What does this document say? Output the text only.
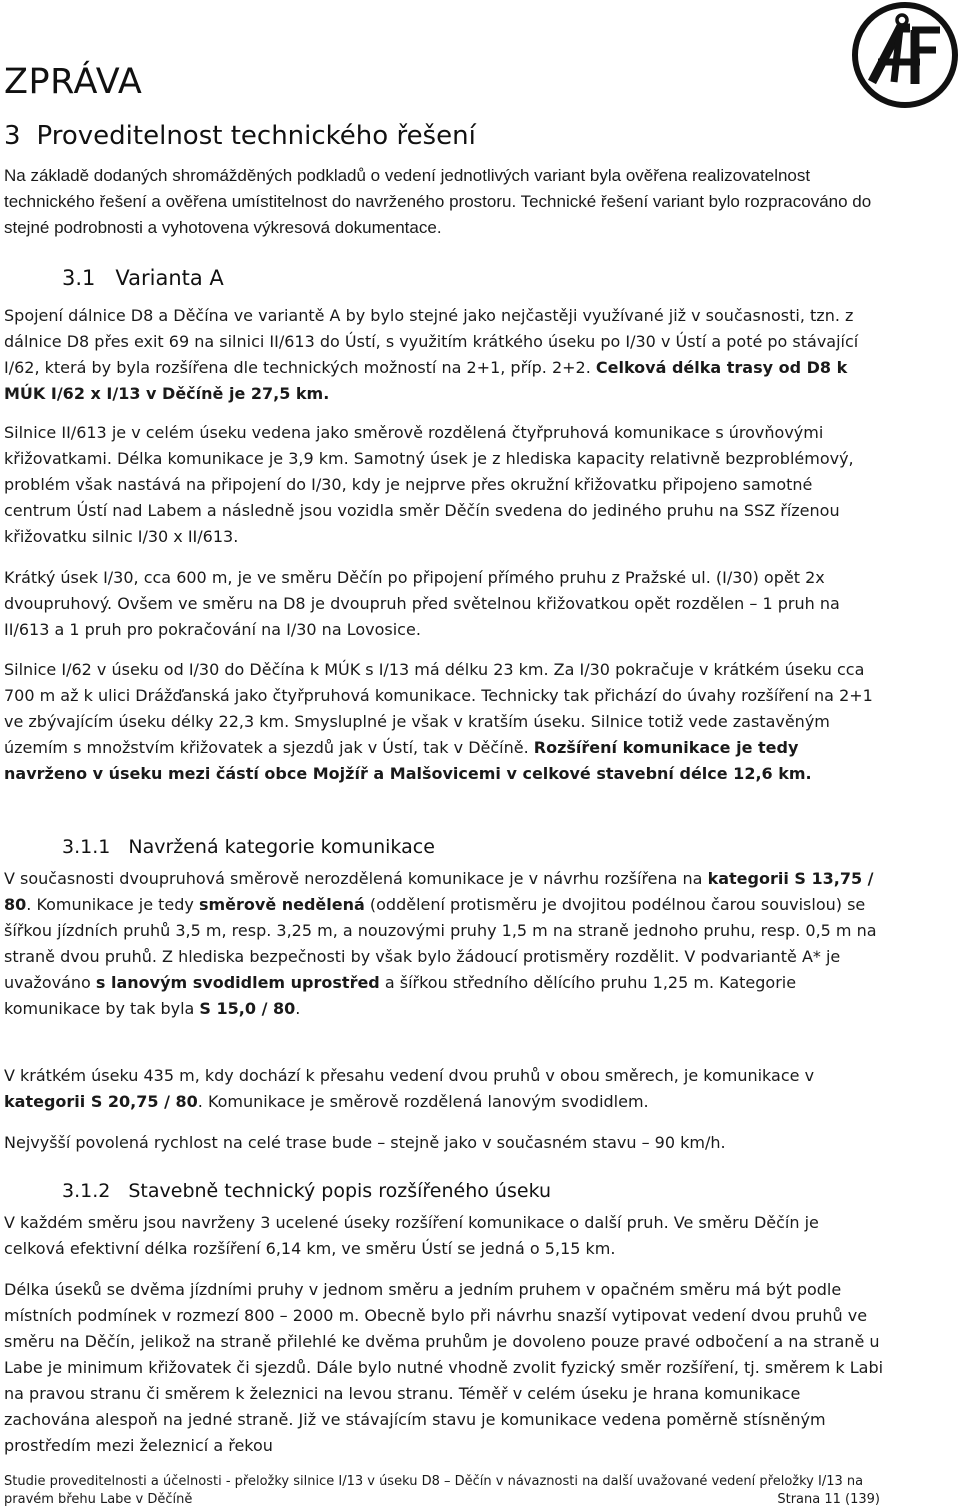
ZPRÁVA
3 Proveditelnost technického řešení
Na základě dodaných shromážděných podkladů o vedení jednotlivých variant byla ověřena realizovatelnost technického řešení a ověřena umístitelnost do navrženého prostoru. Technické řešení variant bylo rozpracováno do stejné podrobnosti a vyhotovena výkresová dokumentace.
3.1 Varianta A
Spojení dálnice D8 a Děčína ve variantě A by bylo stejné jako nejčastěji využívané již v současnosti, tzn. z dálnice D8 přes exit 69 na silnici II/613 do Ústí, s využitím krátkého úseku po I/30 v Ústí a poté po stávající I/62, která by byla rozšířena dle technických možností na 2+1, příp. 2+2. Celková délka trasy od D8 k MÚK I/62 x I/13 v Děčíně je 27,5 km.
Silnice II/613 je v celém úseku vedena jako směrově rozdělená čtyřpruhová komunikace s úrovňovými křižovatkami. Délka komunikace je 3,9 km. Samotný úsek je z hlediska kapacity relativně bezproblémový, problém však nastává na připojení do I/30, kdy je nejprve přes okružní křižovatku připojeno samotné centrum Ústí nad Labem a následně jsou vozidla směr Děčín svedena do jediného pruhu na SSZ řízenou křižovatku silnic I/30 x II/613.
Krátký úsek I/30, cca 600 m, je ve směru Děčín po připojení přímého pruhu z Pražské ul. (I/30) opět 2x dvoupruhový. Ovšem ve směru na D8 je dvoupruh před světelnou křižovatkou opět rozdělen – 1 pruh na II/613 a 1 pruh pro pokračování na I/30 na Lovosice.
Silnice I/62 v úseku od I/30 do Děčína k MÚK s I/13 má délku 23 km. Za I/30 pokračuje v krátkém úseku cca 700 m až k ulici Drážďanská jako čtyřpruhová komunikace. Technicky tak přichází do úvahy rozšíření na 2+1 ve zbývajícím úseku délky 22,3 km. Smysluplné je však v kratším úseku. Silnice totiž vede zastavěným územím s množstvím křižovatek a sjezdů jak v Ústí, tak v Děčíně. Rozšíření komunikace je tedy navrženo v úseku mezi částí obce Mojžíř a Malšovicemi v celkové stavební délce 12,6 km.
3.1.1 Navržená kategorie komunikace
V současnosti dvoupruhová směrově nerozdělená komunikace je v návrhu rozšířena na kategorii S 13,75 / 80. Komunikace je tedy směrově nedělená (oddělení protisměru je dvojitou podélnou čarou souvislou) se šířkou jízdních pruhů 3,5 m, resp. 3,25 m, a nouzovými pruhy 1,5 m na straně jednoho pruhu, resp. 0,5 m na straně dvou pruhů. Z hlediska bezpečnosti by však bylo žádoucí protisměry rozdělit. V podvariantě A* je uvažováno s lanovým svodidlem uprostřed a šířkou středního dělícího pruhu 1,25 m. Kategorie komunikace by tak byla S 15,0 / 80.
V krátkém úseku 435 m, kdy dochází k přesahu vedení dvou pruhů v obou směrech, je komunikace v kategorii S 20,75 / 80. Komunikace je směrově rozdělená lanovým svodidlem.
Nejvyšší povolená rychlost na celé trase bude – stejně jako v současném stavu – 90 km/h.
3.1.2 Stavebně technický popis rozšířeného úseku
V každém směru jsou navrženy 3 ucelené úseky rozšíření komunikace o další pruh. Ve směru Děčín je celková efektivní délka rozšíření 6,14 km, ve směru Ústí se jedná o 5,15 km.
Délka úseků se dvěma jízdními pruhy v jednom směru a jedním pruhem v opačném směru má být podle místních podmínek v rozmezí 800 – 2000 m. Obecně bylo při návrhu snazší vytipovat vedení dvou pruhů ve směru na Děčín, jelikož na straně přilehlé ke dvěma pruhům je dovoleno pouze pravé odbočení a na straně u Labe je minimum křižovatek či sjezdů. Dále bylo nutné vhodně zvolit fyzický směr rozšíření, tj. směrem k Labi na pravou stranu či směrem k železnici na levou stranu. Téměř v celém úseku je hrana komunikace zachována alespoň na jedné straně. Již ve stávajícím stavu je komunikace vedena poměrně stísněným prostředím mezi železnicí a řekou
Studie proveditelnosti a účelnosti - přeložky silnice I/13 v úseku D8 – Děčín v návaznosti na další uvažované vedení přeložky I/13 na pravém břehu Labe v Děčíně	Strana 11 (139)
